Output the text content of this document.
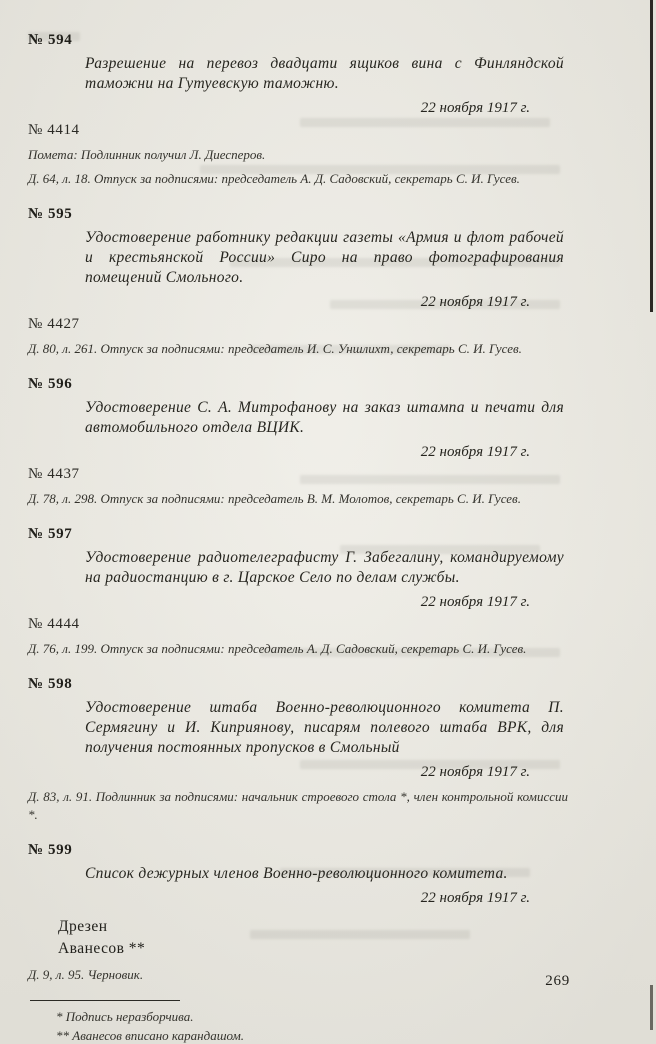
№ 594
Разрешение на перевоз двадцати ящиков вина с Финляндской таможни на Гутуевскую таможню.
22 ноября 1917 г.
№ 4414
Помета: Подлинник получил Л. Диесперов.
Д. 64, л. 18. Отпуск за подписями: председатель А. Д. Садовский, секретарь С. И. Гусев.
№ 595
Удостоверение работнику редакции газеты «Армия и флот рабочей и крестьянской России» Сиро на право фотографирования помещений Смольного.
22 ноября 1917 г.
№ 4427
Д. 80, л. 261. Отпуск за подписями: председатель И. С. Уншлихт, секретарь С. И. Гусев.
№ 596
Удостоверение С. А. Митрофанову на заказ штампа и печати для автомобильного отдела ВЦИК.
22 ноября 1917 г.
№ 4437
Д. 78, л. 298. Отпуск за подписями: председатель В. М. Молотов, секретарь С. И. Гусев.
№ 597
Удостоверение радиотелеграфисту Г. Забегалину, командируемому на радиостанцию в г. Царское Село по делам службы.
22 ноября 1917 г.
№ 4444
Д. 76, л. 199. Отпуск за подписями: председатель А. Д. Садовский, секретарь С. И. Гусев.
№ 598
Удостоверение штаба Военно-революционного комитета П. Сермягину и И. Киприянову, писарям полевого штаба ВРК, для получения постоянных пропусков в Смольный
22 ноября 1917 г.
Д. 83, л. 91. Подлинник за подписями: начальник строевого стола *, член контрольной комиссии *.
№ 599
Список дежурных членов Военно-революционного комитета.
22 ноября 1917 г.
Дрезен
Аванесов **
Д. 9, л. 95. Черновик.
* Подпись неразборчива.
** Аванесов вписано карандашом.
269
